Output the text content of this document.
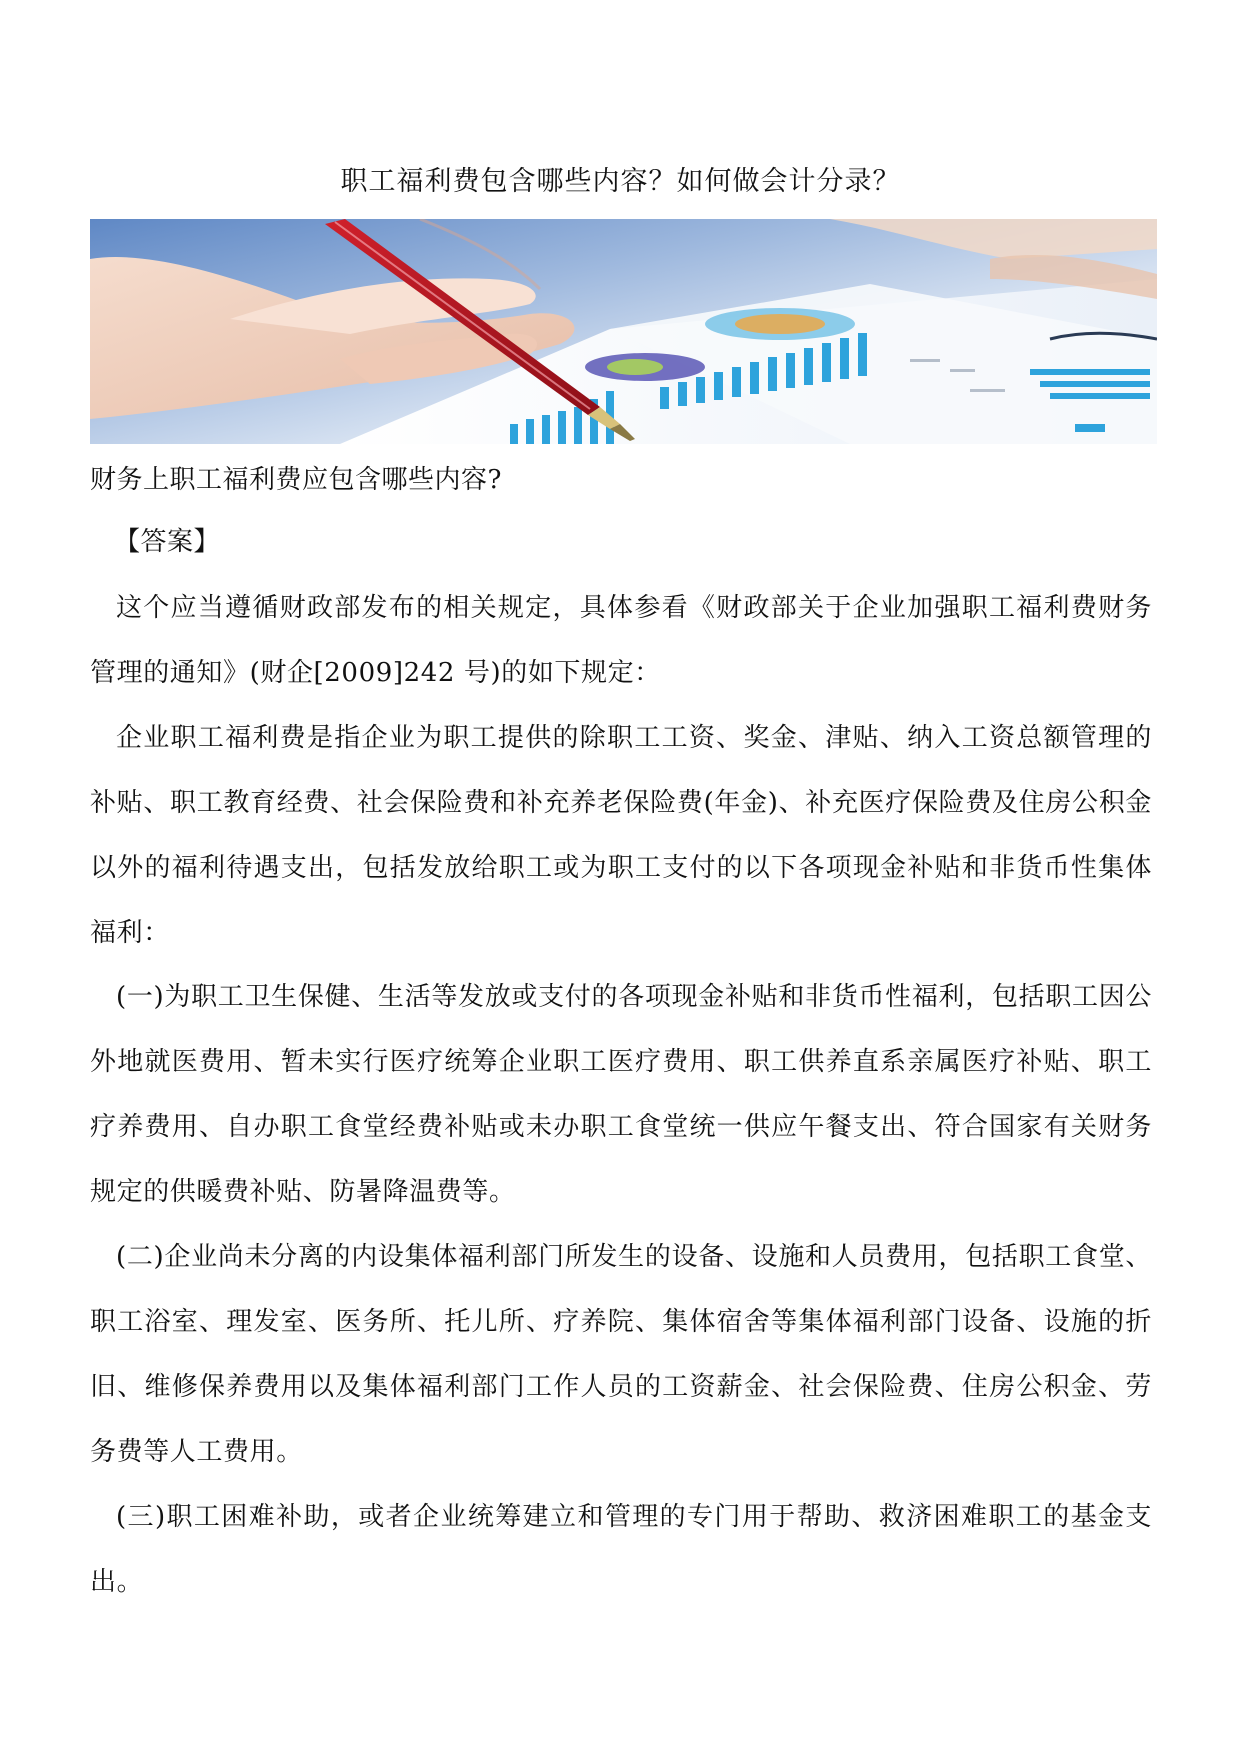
职工福利费包含哪些内容？如何做会计分录？
财务上职工福利费应包含哪些内容?
【答案】
这个应当遵循财政部发布的相关规定，具体参看《财政部关于企业加强职工福利费财务管理的通知》(财企[2009]242 号)的如下规定：
企业职工福利费是指企业为职工提供的除职工工资、奖金、津贴、纳入工资总额管理的补贴、职工教育经费、社会保险费和补充养老保险费(年金)、补充医疗保险费及住房公积金以外的福利待遇支出，包括发放给职工或为职工支付的以下各项现金补贴和非货币性集体福利：
(一)为职工卫生保健、生活等发放或支付的各项现金补贴和非货币性福利，包括职工因公外地就医费用、暂未实行医疗统筹企业职工医疗费用、职工供养直系亲属医疗补贴、职工疗养费用、自办职工食堂经费补贴或未办职工食堂统一供应午餐支出、符合国家有关财务规定的供暖费补贴、防暑降温费等。
(二)企业尚未分离的内设集体福利部门所发生的设备、设施和人员费用，包括职工食堂、职工浴室、理发室、医务所、托儿所、疗养院、集体宿舍等集体福利部门设备、设施的折旧、维修保养费用以及集体福利部门工作人员的工资薪金、社会保险费、住房公积金、劳务费等人工费用。
(三)职工困难补助，或者企业统筹建立和管理的专门用于帮助、救济困难职工的基金支出。
